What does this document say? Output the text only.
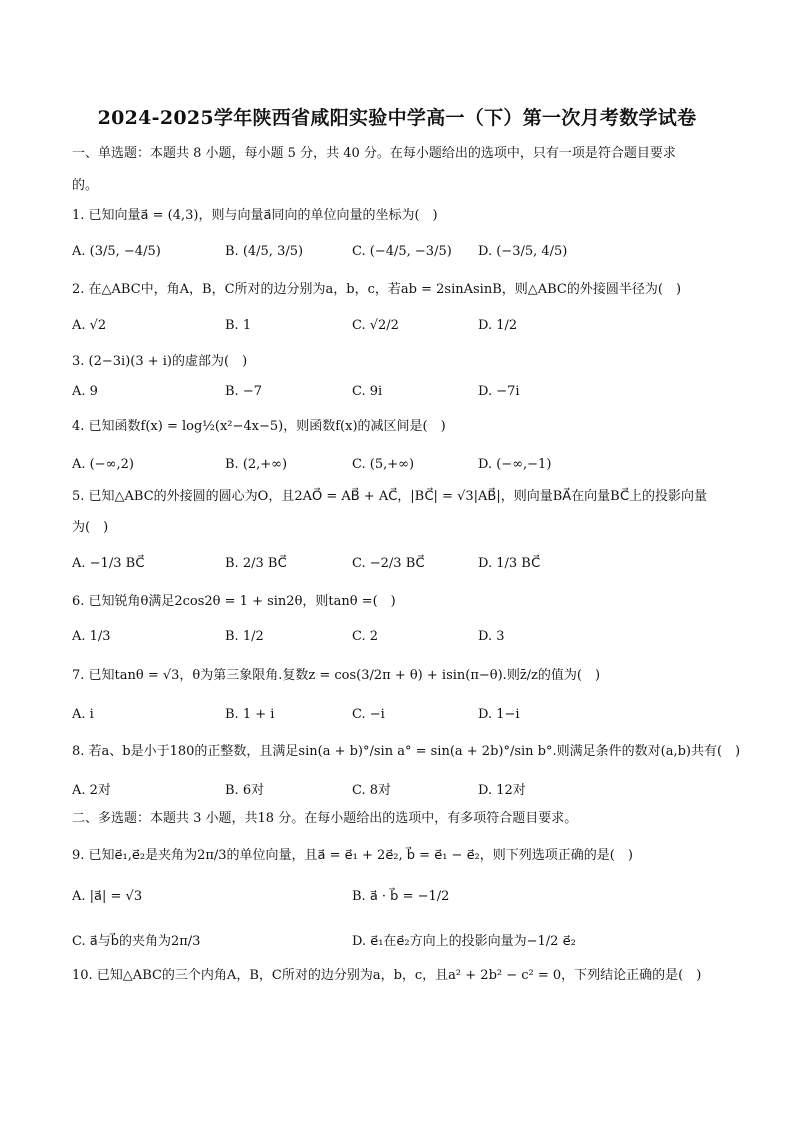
2024-2025学年陕西省咸阳实验中学高一（下）第一次月考数学试卷
一、单选题：本题共 8 小题，每小题 5 分，共 40 分。在每小题给出的选项中，只有一项是符合题目要求
的。
1. 已知向量a⃗ = (4,3)，则与向量a⃗同向的单位向量的坐标为(　)
A. (3/5, −4/5)	B. (4/5, 3/5)	C. (−4/5, −3/5) D. (−3/5, 4/5)
2. 在△ABC中，角A，B，C所对的边分别为a，b，c，若ab = 2sinAsinB，则△ABC的外接圆半径为(　)
A. √2	B. 1	C. √2/2	D. 1/2
3. (2−3i)(3 + i)的虚部为(　)
A. 9	B. −7	C. 9i	D. −7i
4. 已知函数f(x) = log½(x²−4x−5)，则函数f(x)的减区间是(　)
A. (−∞,2)	B. (2,+∞)	C. (5,+∞)	D. (−∞,−1)
5. 已知△ABC的外接圆的圆心为O，且2AO⃗ = AB⃗ + AC⃗，|BC⃗| = √3|AB⃗|，则向量BA⃗在向量BC⃗上的投影向量
为(　)
A. −1/3 BC⃗	B. 2/3 BC⃗	C. −2/3 BC⃗	D. 1/3 BC⃗
6. 已知锐角θ满足2cos2θ = 1 + sin2θ，则tanθ =(　)
A. 1/3	B. 1/2	C. 2	D. 3
7. 已知tanθ = √3，θ为第三象限角.复数z = cos(3/2π + θ) + isin(π−θ).则z̄/z的值为(　)
A. i	B. 1 + i	C. −i	D. 1−i
8. 若a、b是小于180的正整数，且满足sin(a + b)°/sin a° = sin(a + 2b)°/sin b°.则满足条件的数对(a,b)共有(　)
A. 2对	B. 6对	C. 8对	D. 12对
二、多选题：本题共 3 小题，共18 分。在每小题给出的选项中，有多项符合题目要求。
9. 已知e⃗₁,e⃗₂是夹角为2π/3的单位向量，且a⃗ = e⃗₁ + 2e⃗₂, b⃗ = e⃗₁ − e⃗₂，则下列选项正确的是(　)
A. |a⃗| = √3	B. a⃗ · b⃗ = −1/2
C. a⃗与b⃗的夹角为2π/3	D. e⃗₁在e⃗₂方向上的投影向量为−1/2 e⃗₂
10. 已知△ABC的三个内角A，B，C所对的边分别为a，b，c，且a² + 2b² − c² = 0，下列结论正确的是(　)
